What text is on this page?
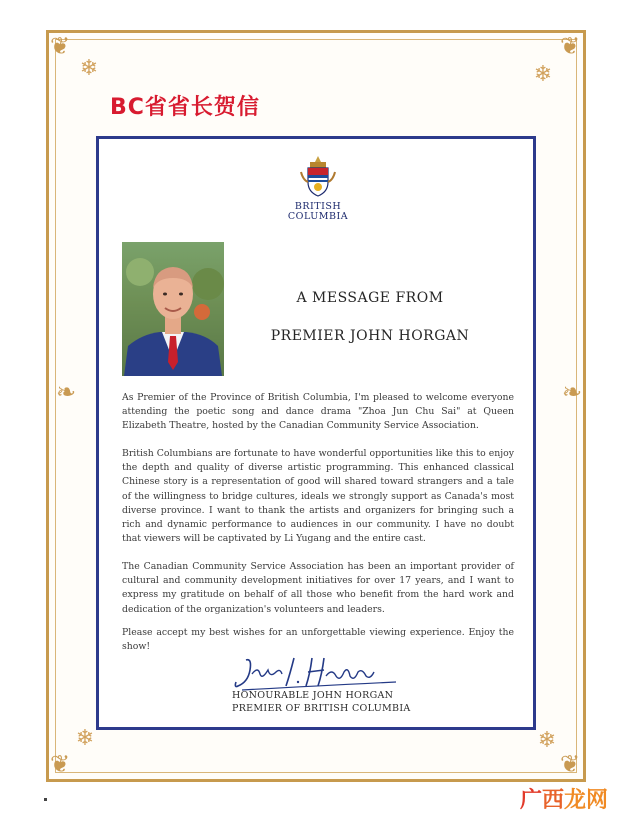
❄	❄
❄	❄
❦	❦
❦	❦
❧	❧
BC省省长贺信
BRITISH
COLUMBIA
A MESSAGE FROM
PREMIER JOHN HORGAN
As Premier of the Province of British Columbia, I'm pleased to welcome everyone attending the poetic song and dance drama "Zhoa Jun Chu Sai" at Queen Elizabeth Theatre, hosted by the Canadian Community Service Association.
British Columbians are fortunate to have wonderful opportunities like this to enjoy the depth and quality of diverse artistic programming. This enhanced classical Chinese story is a representation of good will shared toward strangers and a tale of the willingness to bridge cultures, ideals we strongly support as Canada's most diverse province. I want to thank the artists and organizers for bringing such a rich and dynamic performance to audiences in our community. I have no doubt that viewers will be captivated by Li Yugang and the entire cast.
The Canadian Community Service Association has been an important provider of cultural and community development initiatives for over 17 years, and I want to express my gratitude on behalf of all those who benefit from the hard work and dedication of the organization's volunteers and leaders.
Please accept my best wishes for an unforgettable viewing experience. Enjoy the show!
HONOURABLE JOHN HORGAN
PREMIER OF BRITISH COLUMBIA
广西龙网
